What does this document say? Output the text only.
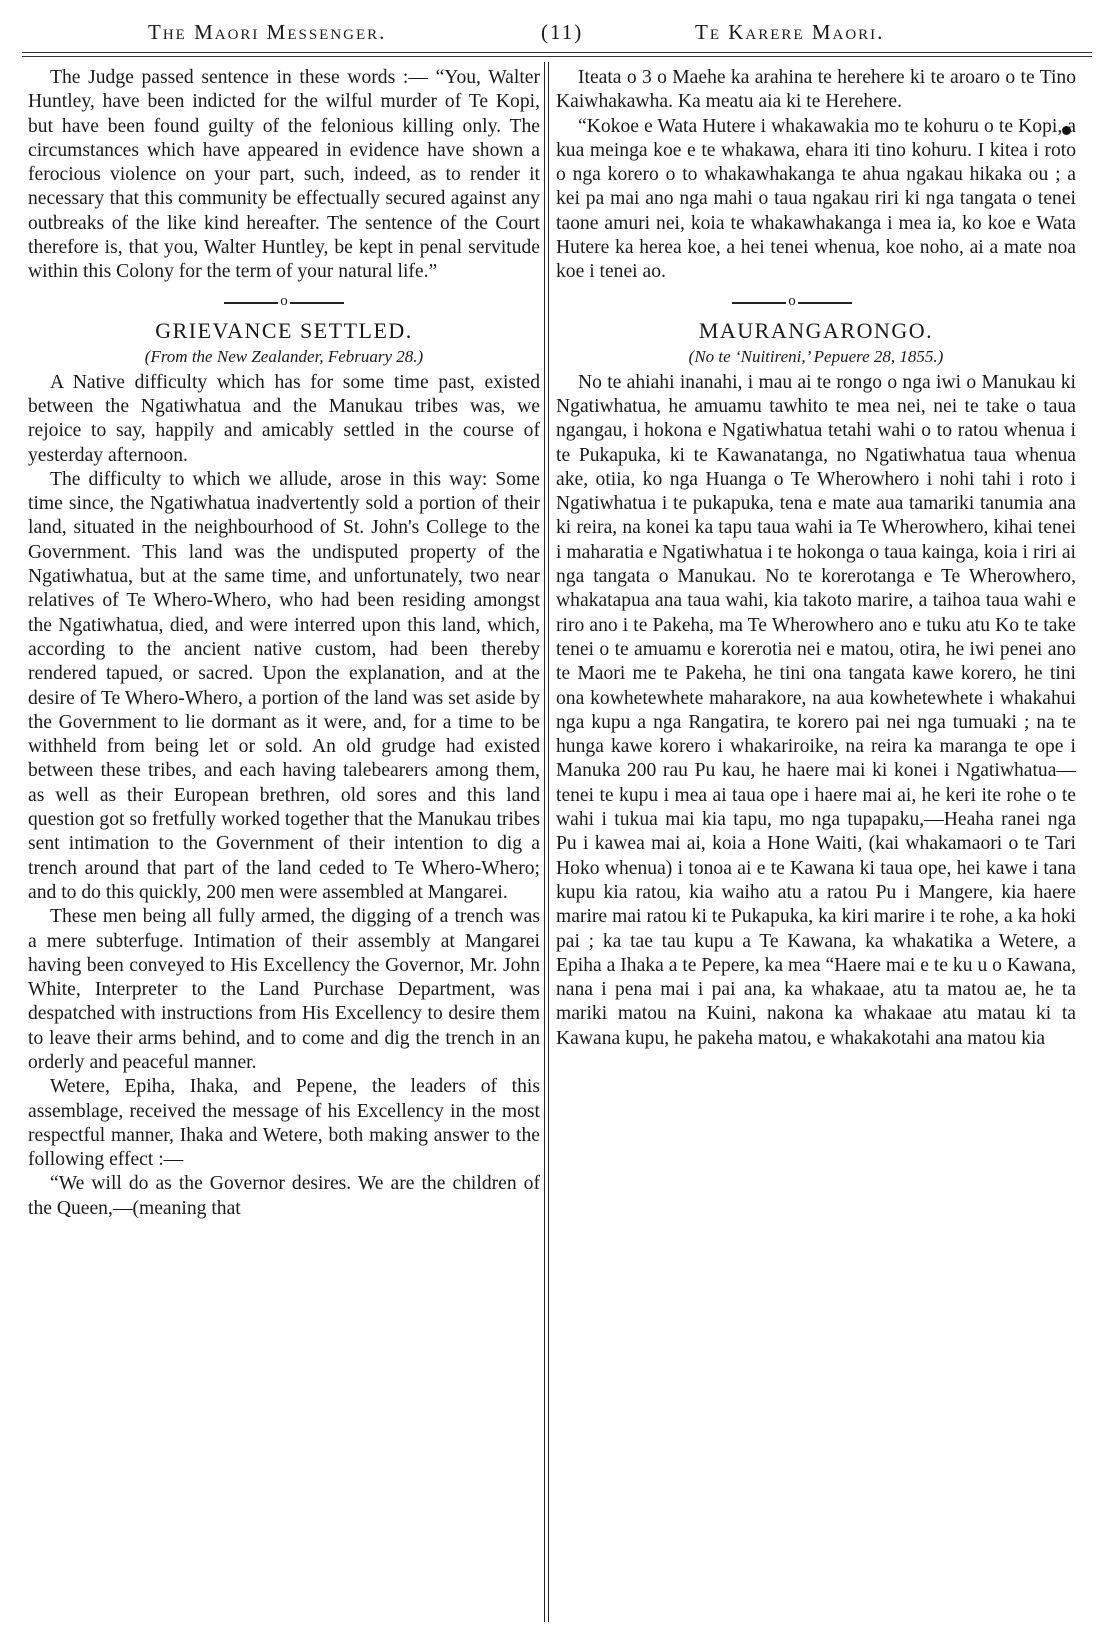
The Maori Messenger.	(11)	Te Karere Maori.

The Judge passed sentence in these words :— “You, Walter Huntley, have been indicted for the wilful murder of Te Kopi, but have been found guilty of the felonious killing only. The circumstances which have appeared in evidence have shown a ferocious violence on your part, such, indeed, as to render it necessary that this community be effectually secured against any outbreaks of the like kind hereafter. The sentence of the Court therefore is, that you, Walter Huntley, be kept in penal servitude within this Colony for the term of your natural life.”

o
GRIEVANCE SETTLED.
(From the New Zealander, February 28.)

A Native difficulty which has for some time past, existed between the Ngatiwhatua and the Manukau tribes was, we rejoice to say, happily and amicably settled in the course of yesterday afternoon.

The difficulty to which we allude, arose in this way: Some time since, the Ngatiwhatua inadvertently sold a portion of their land, situated in the neighbourhood of St. John's College to the Government. This land was the undisputed property of the Ngatiwhatua, but at the same time, and unfortunately, two near relatives of Te Whero-Whero, who had been residing amongst the Ngatiwhatua, died, and were interred upon this land, which, according to the ancient native custom, had been thereby rendered tapued, or sacred. Upon the explanation, and at the desire of Te Whero-Whero, a portion of the land was set aside by the Government to lie dormant as it were, and, for a time to be withheld from being let or sold. An old grudge had existed between these tribes, and each having talebearers among them, as well as their European brethren, old sores and this land question got so fretfully worked together that the Manukau tribes sent intimation to the Government of their intention to dig a trench around that part of the land ceded to Te Whero-Whero; and to do this quickly, 200 men were assembled at Mangarei.

These men being all fully armed, the digging of a trench was a mere subterfuge. Intimation of their assembly at Mangarei having been conveyed to His Excellency the Governor, Mr. John White, Interpreter to the Land Purchase Department, was despatched with instructions from His Excellency to desire them to leave their arms behind, and to come and dig the trench in an orderly and peaceful manner.

Wetere, Epiha, Ihaka, and Pepene, the leaders of this assemblage, received the message of his Excellency in the most respectful manner, Ihaka and Wetere, both making answer to the following effect :—

“We will do as the Governor desires. We are the children of the Queen,—(meaning that

Iteata o 3 o Maehe ka arahina te herehere ki te aroaro o te Tino Kaiwhakawha. Ka meatu aia ki te Herehere.

“Kokoe e Wata Hutere i whakawakia mo te kohuru o te Kopi, a kua meinga koe e te whakawa, ehara iti tino kohuru. I kitea i roto o nga korero o to whakawhakanga te ahua ngakau hikaka ou ; a kei pa mai ano nga mahi o taua ngakau riri ki nga tangata o tenei taone amuri nei, koia te whakawhakanga i mea ia, ko koe e Wata Hutere ka herea koe, a hei tenei whenua, koe noho, ai a mate noa koe i tenei ao.

o
MAURANGARONGO.
(No te ‘Nuitireni,’ Pepuere 28, 1855.)

No te ahiahi inanahi, i mau ai te rongo o nga iwi o Manukau ki Ngatiwhatua, he amuamu tawhito te mea nei, nei te take o taua ngangau, i hokona e Ngatiwhatua tetahi wahi o to ratou whenua i te Pukapuka, ki te Kawanatanga, no Ngatiwhatua taua whenua ake, otiia, ko nga Huanga o Te Wherowhero i nohi tahi i roto i Ngatiwhatua i te pukapuka, tena e mate aua tamariki tanumia ana ki reira, na konei ka tapu taua wahi ia Te Wherowhero, kihai tenei i maharatia e Ngatiwhatua i te hokonga o taua kainga, koia i riri ai nga tangata o Manukau. No te korerotanga e Te Wherowhero, whakatapua ana taua wahi, kia takoto marire, a taihoa taua wahi e riro ano i te Pakeha, ma Te Wherowhero ano e tuku atu Ko te take tenei o te amuamu e korerotia nei e matou, otira, he iwi penei ano te Maori me te Pakeha, he tini ona tangata kawe korero, he tini ona kowhetewhete maharakore, na aua kowhetewhete i whakahui nga kupu a nga Rangatira, te korero pai nei nga tumuaki ; na te hunga kawe korero i whakariroike, na reira ka maranga te ope i Manuka 200 rau Pu kau, he haere mai ki konei i Ngatiwhatua—tenei te kupu i mea ai taua ope i haere mai ai, he keri ite rohe o te wahi i tukua mai kia tapu, mo nga tupapaku,—Heaha ranei nga Pu i kawea mai ai, koia a Hone Waiti, (kai whakamaori o te Tari Hoko whenua) i tonoa ai e te Kawana ki taua ope, hei kawe i tana kupu kia ratou, kia waiho atu a ratou Pu i Mangere, kia haere marire mai ratou ki te Pukapuka, ka kiri marire i te rohe, a ka hoki pai ; ka tae tau kupu a Te Kawana, ka whakatika a Wetere, a Epiha a Ihaka a te Pepere, ka mea “Haere mai e te ku u o Kawana, nana i pena mai i pai ana, ka whakaae, atu ta matou ae, he ta mariki matou na Kuini, nakona ka whakaae atu matau ki ta Kawana kupu, he pakeha matou, e whakakotahi ana matou kia
